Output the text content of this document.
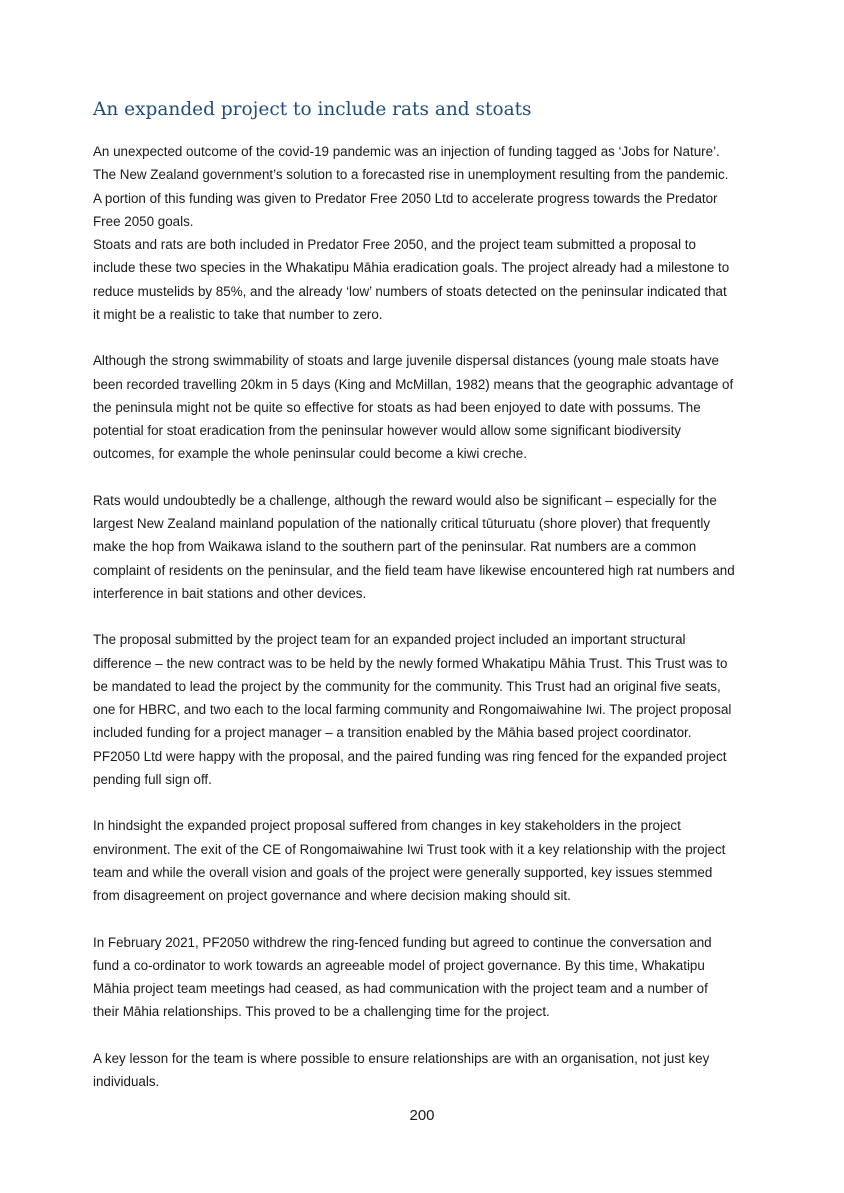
An expanded project to include rats and stoats

An unexpected outcome of the covid-19 pandemic was an injection of funding tagged as ‘Jobs for Nature’.
The New Zealand government’s solution to a forecasted rise in unemployment resulting from the pandemic.
A portion of this funding was given to Predator Free 2050 Ltd to accelerate progress towards the Predator
Free 2050 goals.

Stoats and rats are both included in Predator Free 2050, and the project team submitted a proposal to
include these two species in the Whakatipu Māhia eradication goals. The project already had a milestone to
reduce mustelids by 85%, and the already ‘low’ numbers of stoats detected on the peninsular indicated that
it might be a realistic to take that number to zero.

Although the strong swimmability of stoats and large juvenile dispersal distances (young male stoats have
been recorded travelling 20km in 5 days (King and McMillan, 1982) means that the geographic advantage of
the peninsula might not be quite so effective for stoats as had been enjoyed to date with possums. The
potential for stoat eradication from the peninsular however would allow some significant biodiversity
outcomes, for example the whole peninsular could become a kiwi creche.

Rats would undoubtedly be a challenge, although the reward would also be significant – especially for the
largest New Zealand mainland population of the nationally critical tūturuatu (shore plover) that frequently
make the hop from Waikawa island to the southern part of the peninsular. Rat numbers are a common
complaint of residents on the peninsular, and the field team have likewise encountered high rat numbers and
interference in bait stations and other devices.

The proposal submitted by the project team for an expanded project included an important structural
difference – the new contract was to be held by the newly formed Whakatipu Māhia Trust. This Trust was to
be mandated to lead the project by the community for the community. This Trust had an original five seats,
one for HBRC, and two each to the local farming community and Rongomaiwahine Iwi. The project proposal
included funding for a project manager – a transition enabled by the Māhia based project coordinator.
PF2050 Ltd were happy with the proposal, and the paired funding was ring fenced for the expanded project
pending full sign off.

In hindsight the expanded project proposal suffered from changes in key stakeholders in the project
environment. The exit of the CE of Rongomaiwahine Iwi Trust took with it a key relationship with the project
team and while the overall vision and goals of the project were generally supported, key issues stemmed
from disagreement on project governance and where decision making should sit.

In February 2021, PF2050 withdrew the ring-fenced funding but agreed to continue the conversation and
fund a co-ordinator to work towards an agreeable model of project governance. By this time, Whakatipu
Māhia project team meetings had ceased, as had communication with the project team and a number of
their Māhia relationships. This proved to be a challenging time for the project.

A key lesson for the team is where possible to ensure relationships are with an organisation, not just key
individuals.

200
